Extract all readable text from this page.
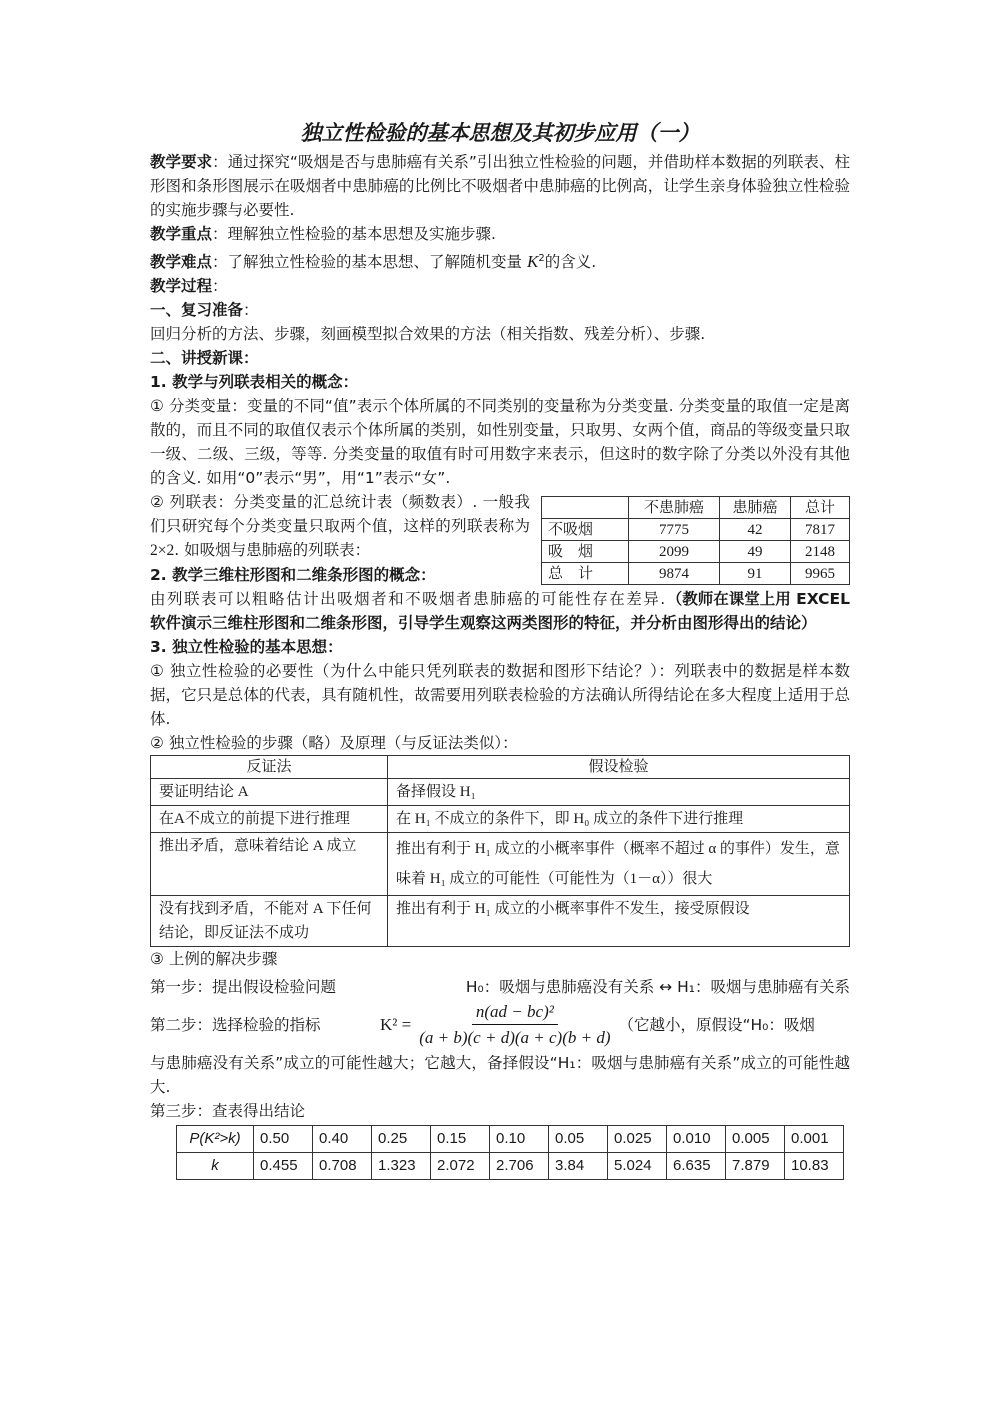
独立性检验的基本思想及其初步应用（一）
教学要求：通过探究“吸烟是否与患肺癌有关系”引出独立性检验的问题，并借助样本数据的列联表、柱形图和条形图展示在吸烟者中患肺癌的比例比不吸烟者中患肺癌的比例高，让学生亲身体验独立性检验的实施步骤与必要性.
教学重点：理解独立性检验的基本思想及实施步骤.
教学难点：了解独立性检验的基本思想、了解随机变量 $K^2$的含义.
教学过程：
一、复习准备：
回归分析的方法、步骤，刻画模型拟合效果的方法（相关指数、残差分析）、步骤.
二、讲授新课：
1. 教学与列联表相关的概念：
① 分类变量：变量的不同“值”表示个体所属的不同类别的变量称为分类变量. 分类变量的取值一定是离散的，而且不同的取值仅表示个体所属的类别，如性别变量，只取男、女两个值，商品的等级变量只取一级、二级、三级，等等. 分类变量的取值有时可用数字来表示，但这时的数字除了分类以外没有其他的含义. 如用“0”表示“男”，用“1”表示“女”.
	不患肺癌	患肺癌	总计
不吸烟	7775	42	7817
吸　烟	2099	49	2148
总　计	9874	91	9965
② 列联表：分类变量的汇总统计表（频数表）. 一般我们只研究每个分类变量只取两个值，这样的列联表称为2×2. 如吸烟与患肺癌的列联表：
2. 教学三维柱形图和二维条形图的概念：
由列联表可以粗略估计出吸烟者和不吸烟者患肺癌的可能性存在差异.（教师在课堂上用 EXCEL 软件演示三维柱形图和二维条形图，引导学生观察这两类图形的特征，并分析由图形得出的结论）
3. 独立性检验的基本思想：
① 独立性检验的必要性（为什么中能只凭列联表的数据和图形下结论？）：列联表中的数据是样本数据，它只是总体的代表，具有随机性，故需要用列联表检验的方法确认所得结论在多大程度上适用于总体.
② 独立性检验的步骤（略）及原理（与反证法类似）：
反证法	假设检验
要证明结论 A	备择假设 H₁
在A不成立的前提下进行推理	在 H₁ 不成立的条件下，即 H₀ 成立的条件下进行推理
推出矛盾，意味着结论 A 成立	推出有利于 H₁ 成立的小概率事件（概率不超过 α 的事件）发生，意味着 H₁ 成立的可能性（可能性为（1－α））很大
没有找到矛盾，不能对 A 下任何结论，即反证法不成功	推出有利于 H₁ 成立的小概率事件不发生，接受原假设
③ 上例的解决步骤
第一步：提出假设检验问题	H₀：吸烟与患肺癌没有关系 ↔ H₁：吸烟与患肺癌有关系
第二步：选择检验的指标	$K^2 = \frac{\text{n(ad − bc)²}}{(a + b)(c + d)(a + c)(b + d)}$ （它越小，原假设“H₀：吸烟
与患肺癌没有关系”成立的可能性越大；它越大，备择假设“H₁：吸烟与患肺癌有关系”成立的可能性越大.
第三步：查表得出结论
P(K²>k)	0.50	0.40	0.25	0.15	0.10	0.05	0.025	0.010	0.005	0.001
k	0.455	0.708	1.323	2.072	2.706	3.84	5.024	6.635	7.879	10.83
